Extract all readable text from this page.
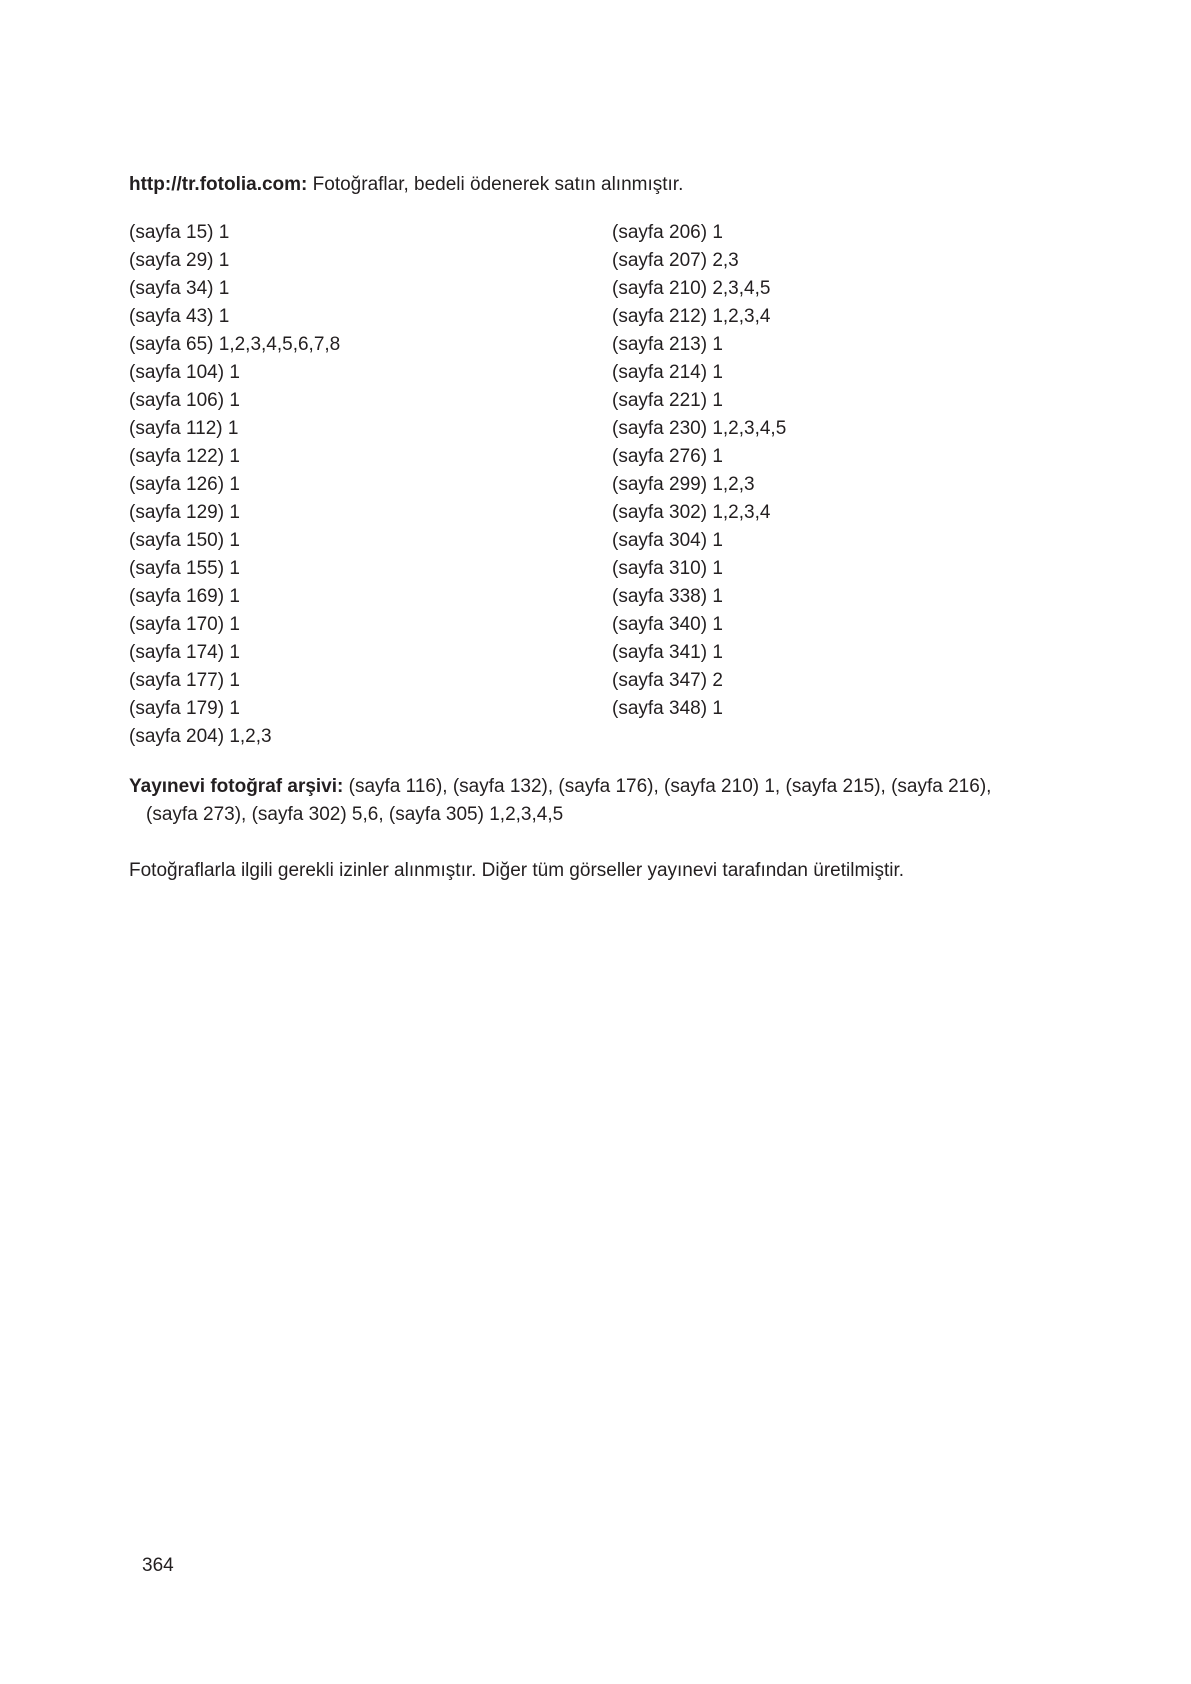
http://tr.fotolia.com: Fotoğraflar, bedeli ödenerek satın alınmıştır.
(sayfa 15) 1
(sayfa 29) 1
(sayfa 34) 1
(sayfa 43) 1
(sayfa 65) 1,2,3,4,5,6,7,8
(sayfa 104) 1
(sayfa 106) 1
(sayfa 112) 1
(sayfa 122) 1
(sayfa 126) 1
(sayfa 129) 1
(sayfa 150) 1
(sayfa 155) 1
(sayfa 169) 1
(sayfa 170) 1
(sayfa 174) 1
(sayfa 177) 1
(sayfa 179) 1
(sayfa 204) 1,2,3
(sayfa 206) 1
(sayfa 207) 2,3
(sayfa 210) 2,3,4,5
(sayfa 212) 1,2,3,4
(sayfa 213) 1
(sayfa 214) 1
(sayfa 221) 1
(sayfa 230) 1,2,3,4,5
(sayfa 276) 1
(sayfa 299) 1,2,3
(sayfa 302) 1,2,3,4
(sayfa 304) 1
(sayfa 310) 1
(sayfa 338) 1
(sayfa 340) 1
(sayfa 341) 1
(sayfa 347) 2
(sayfa 348) 1
Yayınevi fotoğraf arşivi: (sayfa 116), (sayfa 132), (sayfa 176), (sayfa 210) 1, (sayfa 215), (sayfa 216),
(sayfa 273), (sayfa 302) 5,6, (sayfa 305) 1,2,3,4,5
Fotoğraflarla ilgili gerekli izinler alınmıştır. Diğer tüm görseller yayınevi tarafından üretilmiştir.
364
